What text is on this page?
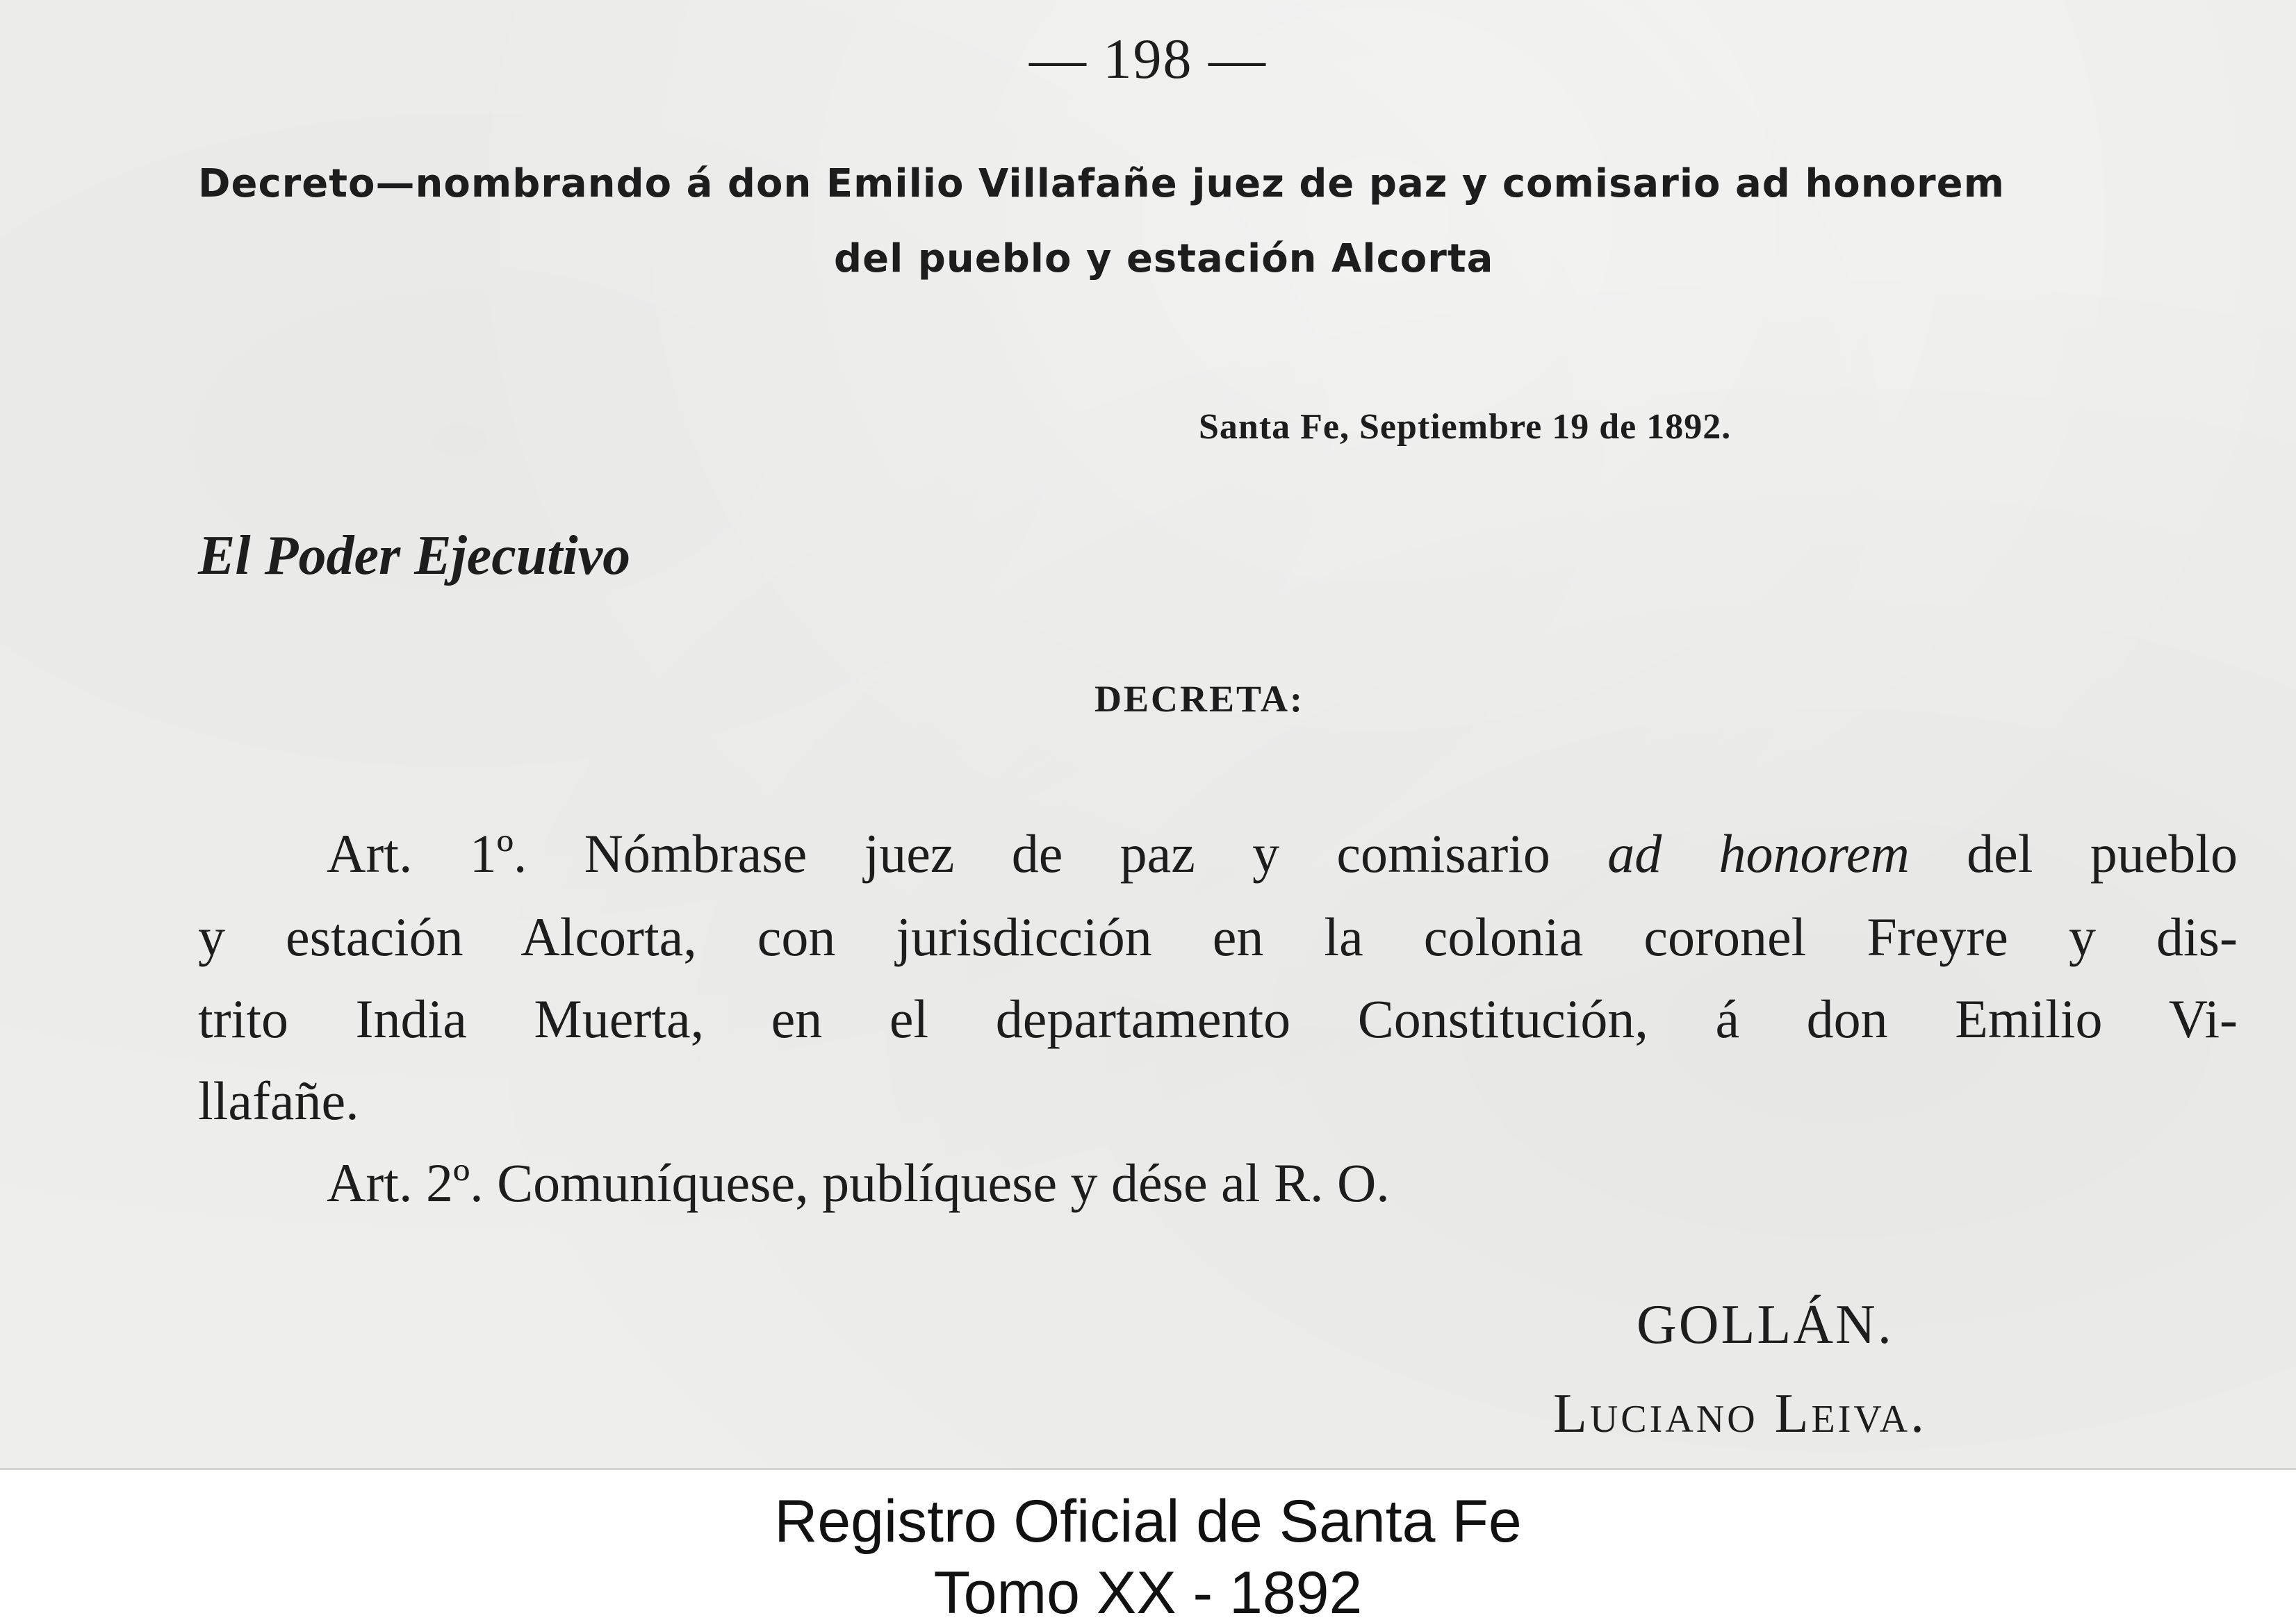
— 198 —
Decreto—nombrando á don Emilio Villafañe juez de paz y comisario ad honorem
del pueblo y estación Alcorta
Santa Fe, Septiembre 19 de 1892.
El Poder Ejecutivo
DECRETA:
Art. 1º. Nómbrase juez de paz y comisario ad honorem del pueblo
y estación Alcorta, con jurisdicción en la colonia coronel Freyre y dis-
trito India Muerta, en el departamento Constitución, á don Emilio Vi-
llafañe.
Art. 2º. Comuníquese, publíquese y dése al R. O.
GOLLÁN.
Luciano Leiva.
Registro Oficial de Santa Fe
Tomo XX - 1892
